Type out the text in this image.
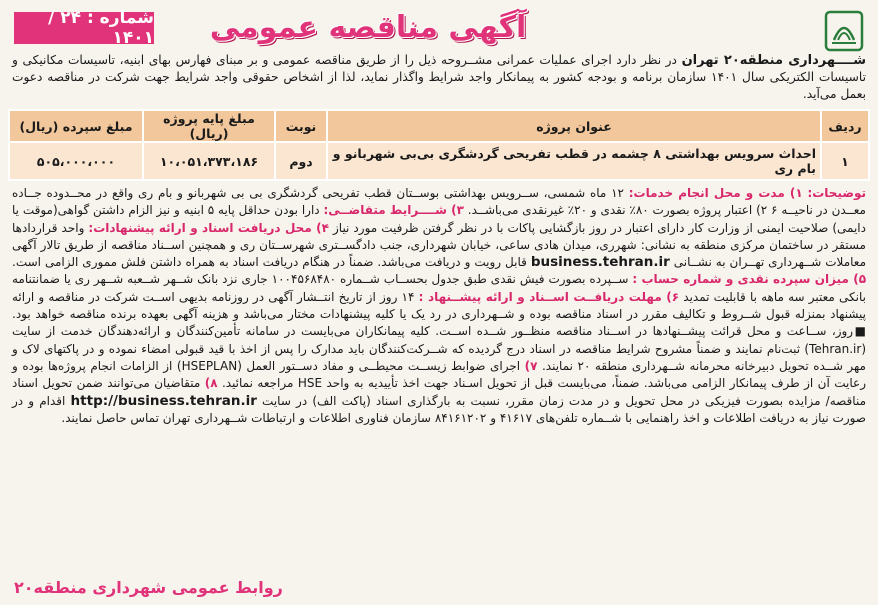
آگهی مناقصه عمومی
شماره : ۲۴ / ۱۴۰۱

شــــهرداری منطقه۲۰ تهران در نظر دارد اجرای عملیات عمرانی مشــروحه ذیل را از طریق مناقصه عمومی و بر مبنای فهارس بهای ابنیه، تاسیسات مکانیکی و تاسیسات الکتریکی سال ۱۴۰۱ سازمان برنامه و بودجه کشور به پیمانکار واجد شرایط واگذار نماید، لذا از اشخاص حقوقی واجد شرایط جهت شرکت در مناقصه دعوت بعمل می‌آید.

ردیف	عنوان پروژه	نوبت	مبلغ پایه پروژه (ریال)	مبلغ سپرده (ریال)
۱	احداث سرویس بهداشتی ۸ چشمه در قطب تفریحی گردشگری بی‌بی شهربانو و بام ری	دوم	۱۰،۰۵۱،۳۷۳،۱۸۶	۵۰۵،۰۰۰،۰۰۰

توضیحات: ۱) مدت و محل انجام خدمات: ۱۲ ماه شمسی، ســرویس بهداشتی بوســتان قطب تفریحی گردشگری بی بی شهربانو و بام ری واقع در محــدوده جــاده معــدن در ناحیــه ۶ ۲) اعتبار پروژه بصورت ۸۰٪ نقدی و ۲۰٪ غیرنقدی می‌باشــد. ۳) شــــرایط متقاضــی: دارا بودن حداقل پایه ۵ ابنیه و نیز الزام داشتن گواهی(موقت یا دایمی) صلاحیت ایمنی از وزارت کار دارای اعتبار در روز بازگشایی پاکات با در نظر گرفتن ظرفیت مورد نیاز ۴) محل دریافت اسناد و ارائه پیشنهادات: واحد قراردادها مستقر در ساختمان مرکزی منطقه به نشانی: شهرری، میدان هادی ساعی، خیابان شهرداری، جنب دادگســتری شهرســتان ری و همچنین اســناد مناقصه از طریق تالار آگهی معاملات شــهرداری تهــران به نشــانی business.tehran.ir قابل رویت و دریافت می‌باشد. ضمناً در هنگام دریافت اسناد به همراه داشتن فلش مموری الزامی است. ۵) میزان سپرده نقدی و شماره حساب : ســپرده بصورت فیش نقدی طبق جدول بحســاب شــماره ۱۰۰۴۵۶۸۴۸۰ جاری نزد بانک شــهر شــعبه شــهر ری یا ضمانتنامه بانکی معتبر سه ماهه با قابلیت تمدید ۶) مهلت دریافــت اســناد و ارائه پیشــنهاد : ۱۴ روز از تاریخ انتــشار آگهی در روزنامه بدیهی اســت شرکت در مناقصه و ارائه پیشنهاد بمنزله قبول شــروط و تکالیف مقرر در اسناد مناقصه بوده و شــهرداری در رد یک یا کلیه پیشنهادات مختار می‌باشد و هزینه آگهی بعهده برنده مناقصه خواهد بود. ■روز، ســاعت و محل قرائت پیشــنهادها در اســناد مناقصه منظــور شــده اســت. کلیه پیمانکاران می‌بایست در سامانه تأمین‌کنندگان و ارائه‌دهندگان خدمت از سایت (Tehran.ir) ثبت‌نام نمایند و ضمناً مشروح شرایط مناقصه در اسناد درج گردیده که شــرکت‌کنندگان باید مدارک را پس از اخذ با قید قبولی امضاء نموده و در پاکتهای لاک و مهر شــده تحویل دبیرخانه محرمانه شــهرداری منطقه ۲۰ نمایند. ۷) اجرای ضوابط زیســت محیطــی و مفاد دســتور العمل (HSEPLAN) از الزامات انجام پروژه‌ها بوده و رعایت آن از طرف پیمانکار الزامی می‌باشد. ضمناً، می‌بایست قبل از تحویل اسـناد جهت اخذ تأییدیه به واحد HSE مراجعه نمائید. ۸) متقاضیان می‌توانند ضمن تحویل اسناد مناقصه/ مزایده بصورت فیزیکی در محل تحویل و در مدت زمان مقرر، نسبت به بارگذاری اسناد (پاکت الف) در سایت http://business.tehran.ir اقدام و در صورت نیاز به دریافت اطلاعات و اخذ راهنمایی با شــماره تلفن‌های ۴۱۶۱۷ و ۸۴۱۶۱۲۰۲ سازمان فناوری اطلاعات و ارتباطات شــهرداری تهران تماس حاصل نمایند.

روابط عمومی شهرداری منطقه۲۰
